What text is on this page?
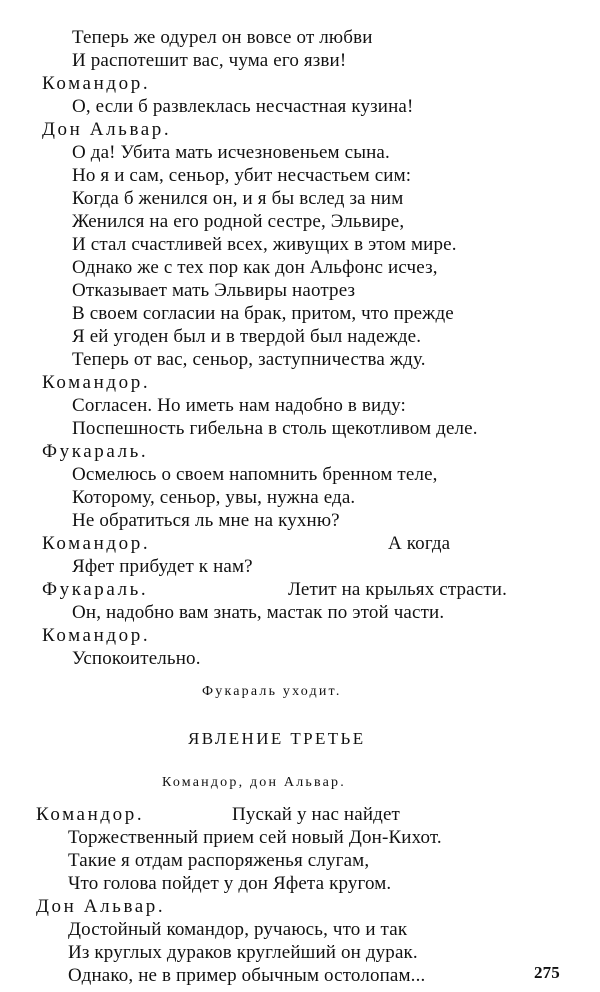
Теперь же одурел он вовсе от любви
И распотешит вас, чума его язви!
Командор.
О, если б развлеклась несчастная кузина!
Дон Альвар.
О да! Убита мать исчезновеньем сына.
Но я и сам, сеньор, убит несчастьем сим:
Когда б женился он, и я бы вслед за ним
Женился на его родной сестре, Эльвире,
И стал счастливей всех, живущих в этом мире.
Однако же с тех пор как дон Альфонс исчез,
Отказывает мать Эльвиры наотрез
В своем согласии на брак, притом, что прежде
Я ей угоден был и в твердой был надежде.
Теперь от вас, сеньор, заступничества жду.
Командор.
Согласен. Но иметь нам надобно в виду:
Поспешность гибельна в столь щекотливом деле.
Фукараль.
Осмелюсь о своем напомнить бренном теле,
Которому, сеньор, увы, нужна еда.
Не обратиться ль мне на кухню?
Командор.	А когда
Яфет прибудет к нам?
Фукараль.	Летит на крыльях страсти.
Он, надобно вам знать, мастак по этой части.
Командор.
Успокоительно.
Фукараль уходит.
ЯВЛЕНИЕ ТРЕТЬЕ
Командор, дон Альвар.
Командор.	Пускай у нас найдет
Торжественный прием сей новый Дон-Кихот.
Такие я отдам распоряженья слугам,
Что голова пойдет у дон Яфета кругом.
Дон Альвар.
Достойный командор, ручаюсь, что и так
Из круглых дураков круглейший он дурак.
Однако, не в пример обычным остолопам...	275
